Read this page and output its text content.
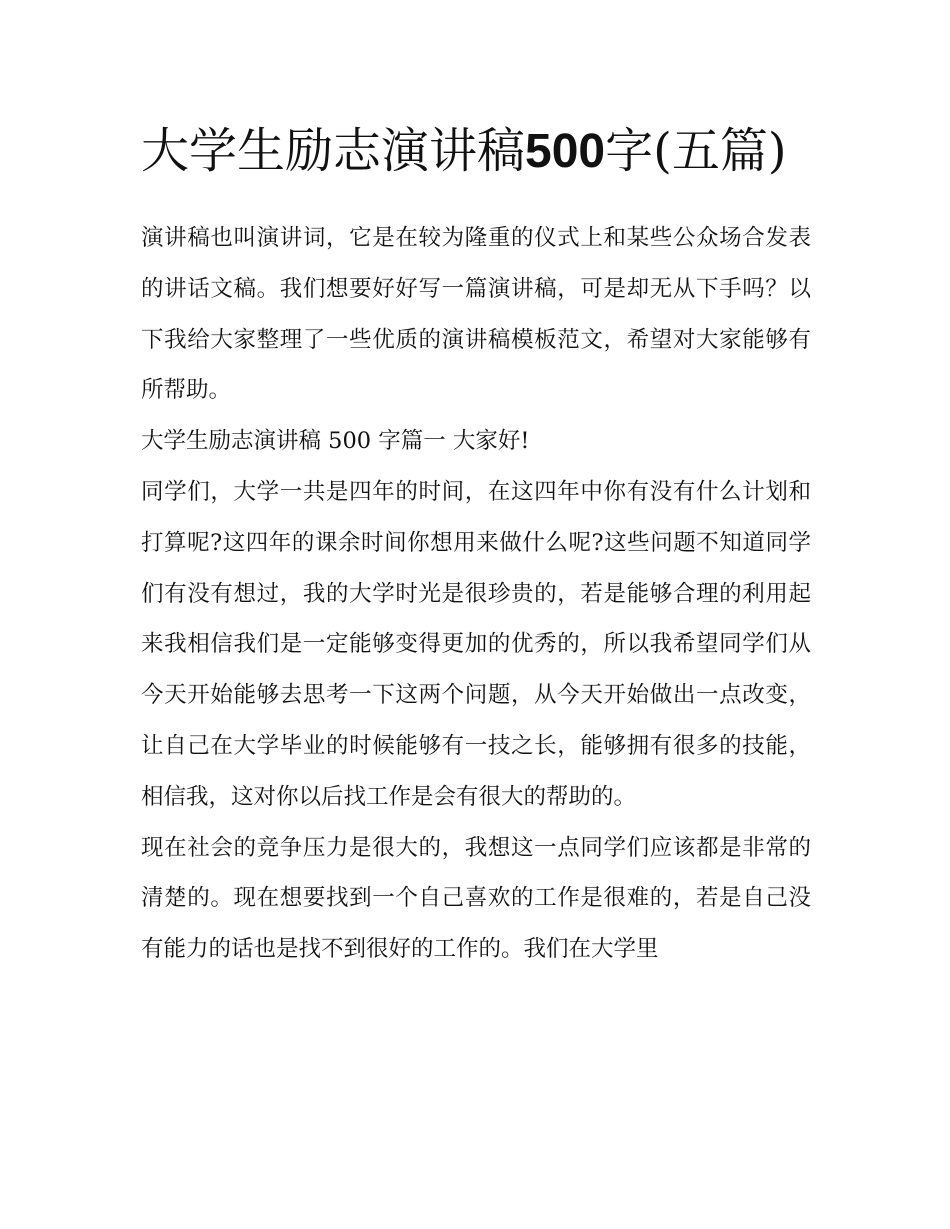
大学生励志演讲稿500字(五篇)

演讲稿也叫演讲词，它是在较为隆重的仪式上和某些公众场合发表的讲话文稿。我们想要好好写一篇演讲稿，可是却无从下手吗？以下我给大家整理了一些优质的演讲稿模板范文，希望对大家能够有所帮助。

大学生励志演讲稿 500 字篇一 大家好!

同学们，大学一共是四年的时间，在这四年中你有没有什么计划和打算呢?这四年的课余时间你想用来做什么呢?这些问题不知道同学们有没有想过，我的大学时光是很珍贵的，若是能够合理的利用起来我相信我们是一定能够变得更加的优秀的，所以我希望同学们从今天开始能够去思考一下这两个问题，从今天开始做出一点改变，让自己在大学毕业的时候能够有一技之长，能够拥有很多的技能，相信我，这对你以后找工作是会有很大的帮助的。

现在社会的竞争压力是很大的，我想这一点同学们应该都是非常的清楚的。现在想要找到一个自己喜欢的工作是很难的，若是自己没有能力的话也是找不到很好的工作的。我们在大学里
